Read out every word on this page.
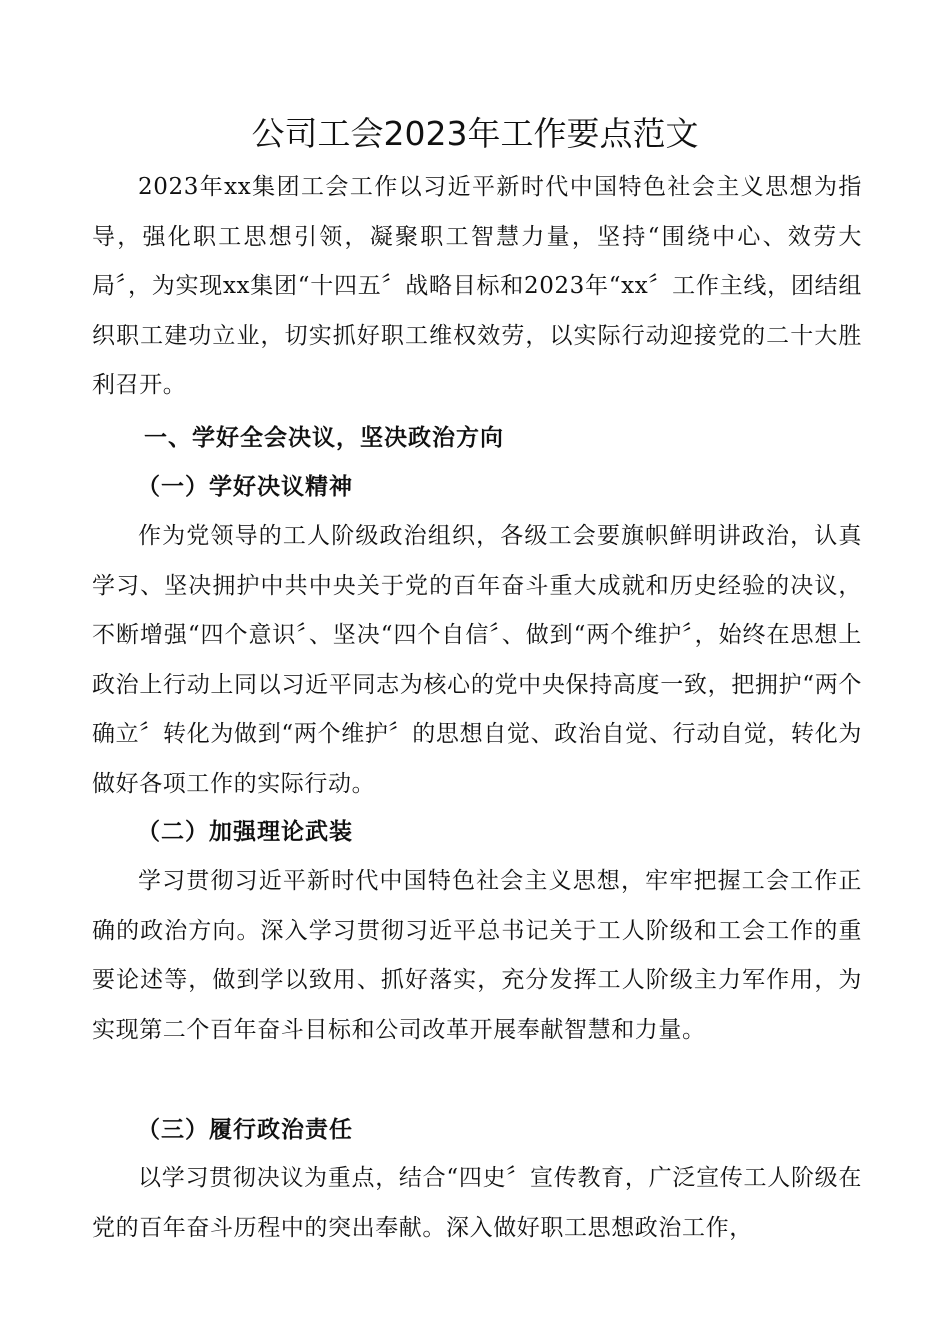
公司工会2023年工作要点范文

2023年xx集团工会工作以习近平新时代中国特色社会主义思想为指导，强化职工思想引领，凝聚职工智慧力量，坚持“围绕中心、效劳大局〞，为实现xx集团“十四五〞战略目标和2023年“xx〞工作主线，团结组织职工建功立业，切实抓好职工维权效劳，以实际行动迎接党的二十大胜利召开。

一、学好全会决议，坚决政治方向

（一）学好决议精神

作为党领导的工人阶级政治组织，各级工会要旗帜鲜明讲政治，认真学习、坚决拥护中共中央关于党的百年奋斗重大成就和历史经验的决议，不断增强“四个意识〞、坚决“四个自信〞、做到“两个维护〞，始终在思想上政治上行动上同以习近平同志为核心的党中央保持高度一致，把拥护“两个确立〞转化为做到“两个维护〞的思想自觉、政治自觉、行动自觉，转化为做好各项工作的实际行动。

（二）加强理论武装

学习贯彻习近平新时代中国特色社会主义思想，牢牢把握工会工作正确的政治方向。深入学习贯彻习近平总书记关于工人阶级和工会工作的重要论述等，做到学以致用、抓好落实，充分发挥工人阶级主力军作用，为实现第二个百年奋斗目标和公司改革开展奉献智慧和力量。

（三）履行政治责任

以学习贯彻决议为重点，结合“四史〞宣传教育，广泛宣传工人阶级在党的百年奋斗历程中的突出奉献。深入做好职工思想政治工作，
